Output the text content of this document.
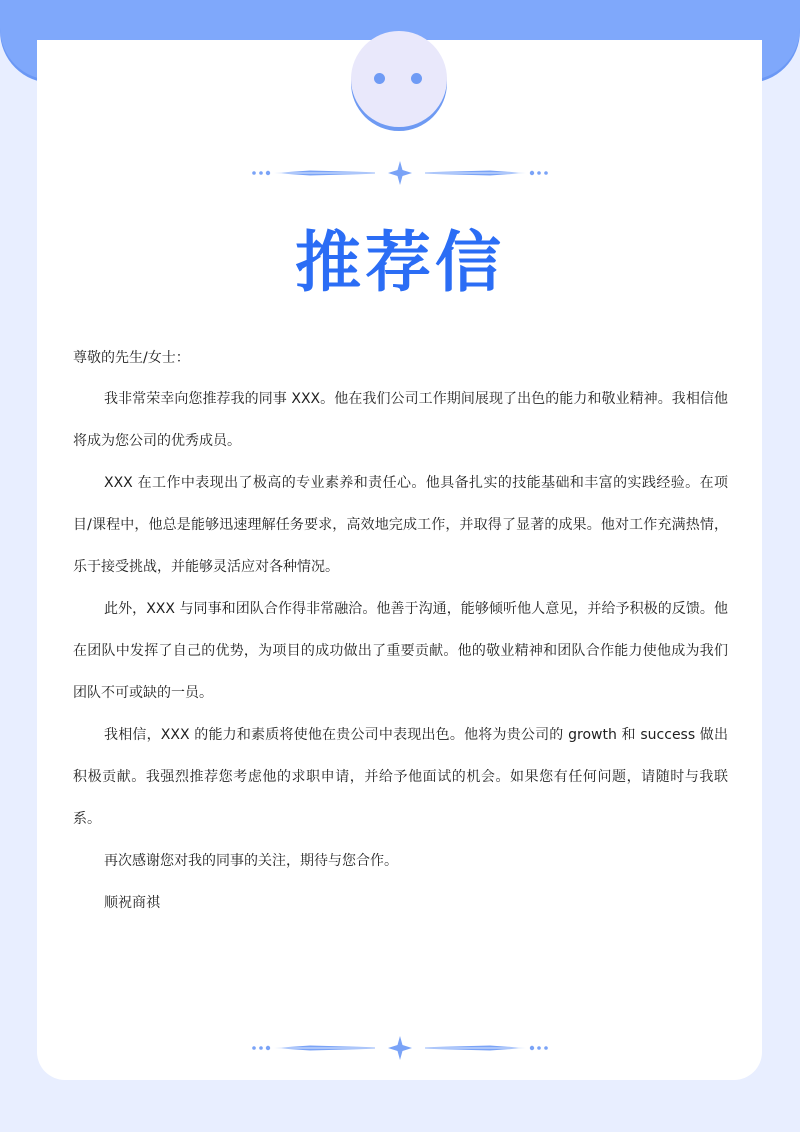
推荐信

尊敬的先生/女士：

我非常荣幸向您推荐我的同事 XXX。他在我们公司工作期间展现了出色的能力和敬业精神。我相信他将成为您公司的优秀成员。

XXX 在工作中表现出了极高的专业素养和责任心。他具备扎实的技能基础和丰富的实践经验。在项目/课程中，他总是能够迅速理解任务要求，高效地完成工作，并取得了显著的成果。他对工作充满热情，乐于接受挑战，并能够灵活应对各种情况。

此外，XXX 与同事和团队合作得非常融洽。他善于沟通，能够倾听他人意见，并给予积极的反馈。他在团队中发挥了自己的优势，为项目的成功做出了重要贡献。他的敬业精神和团队合作能力使他成为我们团队不可或缺的一员。

我相信，XXX 的能力和素质将使他在贵公司中表现出色。他将为贵公司的 growth 和 success 做出积极贡献。我强烈推荐您考虑他的求职申请，并给予他面试的机会。如果您有任何问题，请随时与我联系。

再次感谢您对我的同事的关注，期待与您合作。

顺祝商祺
